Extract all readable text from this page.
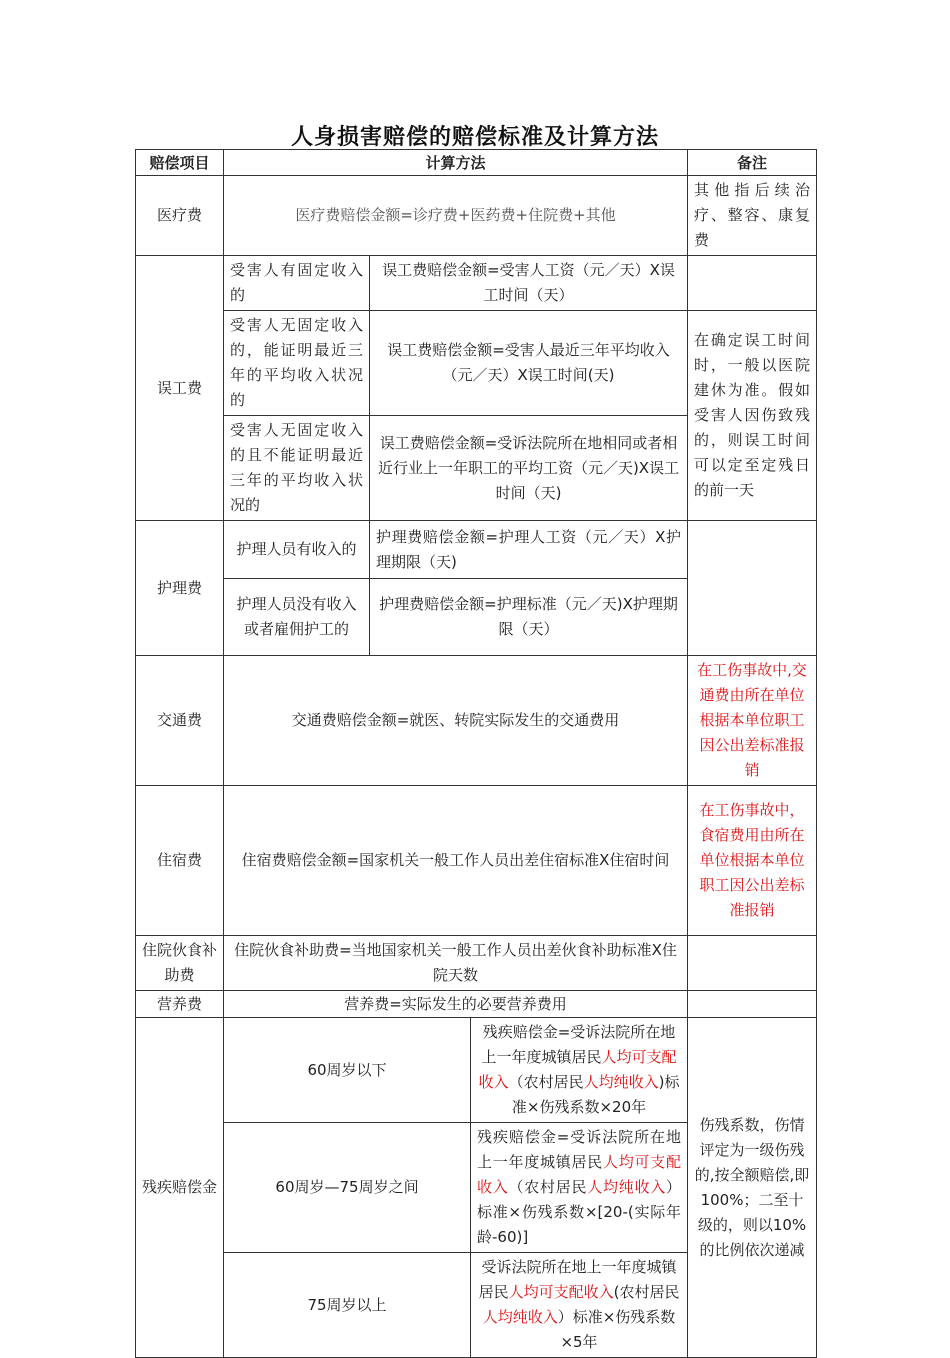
人身损害赔偿的赔偿标准及计算方法
赔偿项目	计算方法			备注
医疗费	医疗费赔偿金额=诊疗费+医药费+住院费+其他			其他指后续治疗、整容、康复费
误工费	受害人有固定收入的	误工费赔偿金额=受害人工资（元／天）X误工时间（天）		
	受害人无固定收入的，能证明最近三年的平均收入状况的	误工费赔偿金额=受害人最近三年平均收入（元／天）X误工时间(天)		在确定误工时间时，一般以医院建休为准。假如受害人因伤致残的，则误工时间可以定至定残日的前一天
	受害人无固定收入的且不能证明最近三年的平均收入状况的	误工费赔偿金额=受诉法院所在地相同或者相近行业上一年职工的平均工资（元／天)X误工时间（天)		
护理费	护理人员有收入的	护理费赔偿金额=护理人工资（元／天）X护理期限（天)		
	护理人员没有收入或者雇佣护工的	护理费赔偿金额=护理标准（元／天)X护理期限（天）		
交通费	交通费赔偿金额=就医、转院实际发生的交通费用			在工伤事故中,交通费由所在单位根据本单位职工因公出差标准报销
住宿费	住宿费赔偿金额=国家机关一般工作人员出差住宿标准X住宿时间			在工伤事故中，食宿费用由所在单位根据本单位职工因公出差标准报销
住院伙食补助费	住院伙食补助费=当地国家机关一般工作人员出差伙食补助标准X住院天数			
营养费	营养费=实际发生的必要营养费用			
残疾赔偿金	60周岁以下		残疾赔偿金=受诉法院所在地上一年度城镇居民人均可支配收入（农村居民人均纯收入)标准×伤残系数×20年	伤残系数，伤情评定为一级伤残的,按全额赔偿,即100%；二至十级的，则以10%的比例依次递减
	60周岁—75周岁之间		残疾赔偿金=受诉法院所在地上一年度城镇居民人均可支配收入（农村居民人均纯收入）标准×伤残系数×[20-(实际年龄-60)]	
	75周岁以上		受诉法院所在地上一年度城镇居民人均可支配收入(农村居民人均纯收入）标准×伤残系数×5年	
